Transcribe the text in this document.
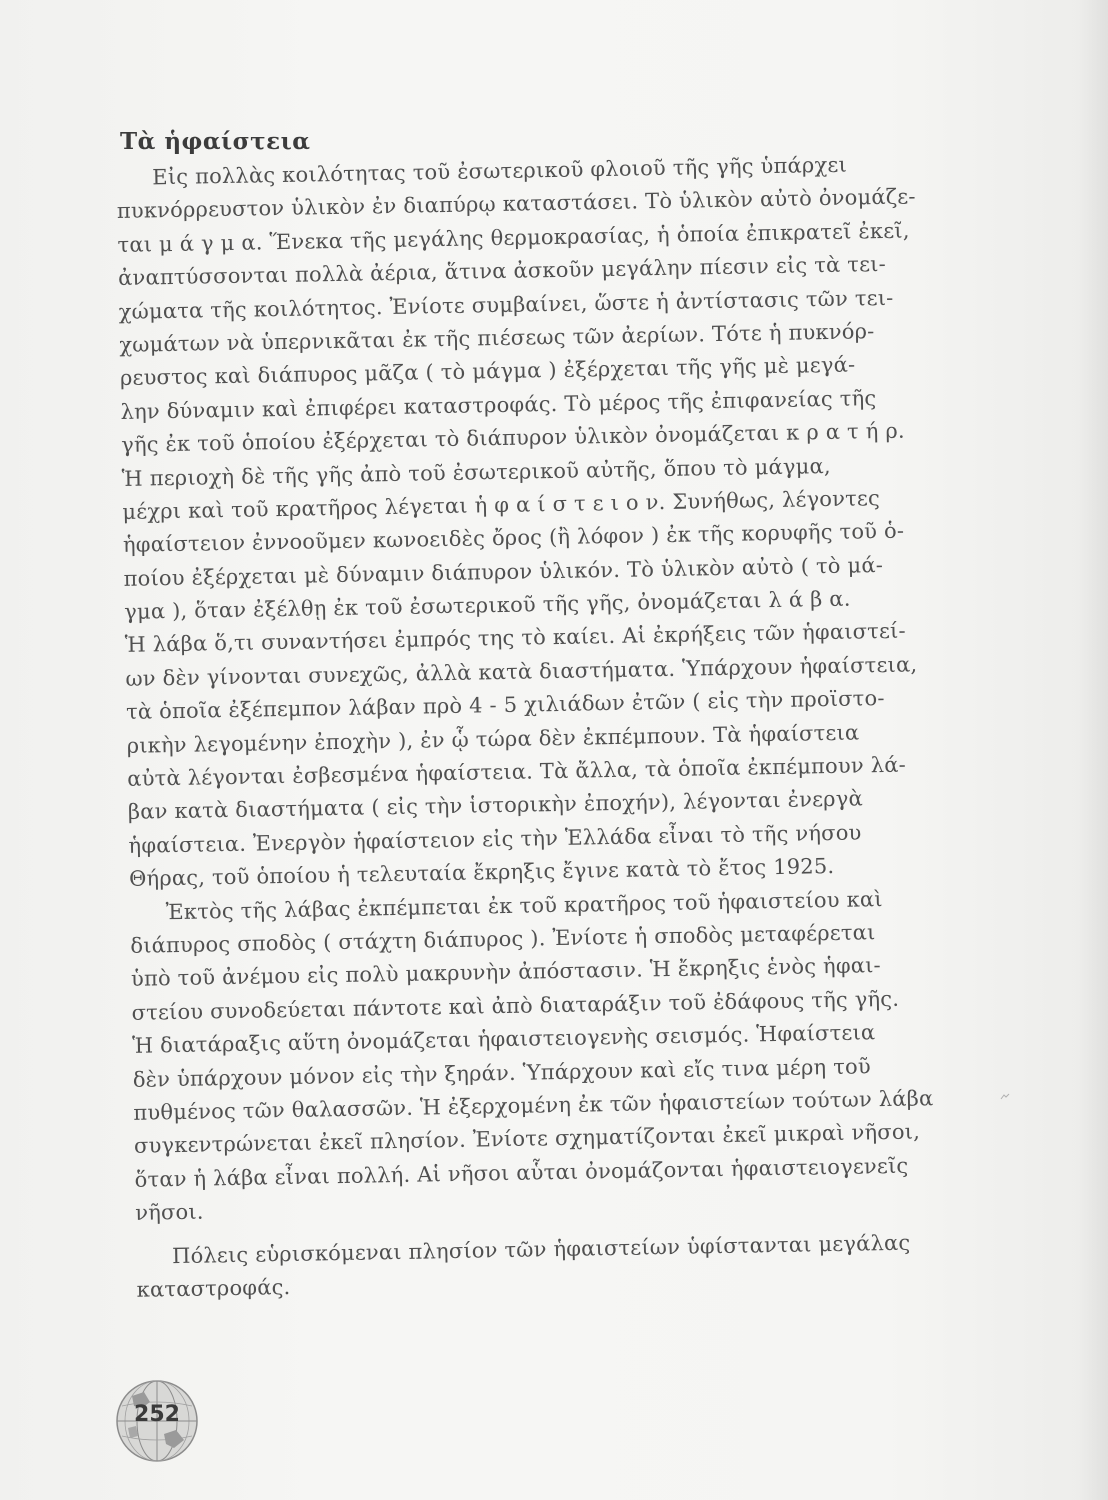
Τὰ ἡφαίστεια
Εἰς πολλὰς κοιλότητας τοῦ ἐσωτερικοῦ φλοιοῦ τῆς γῆς ὑπάρχει
πυκνόρρευστον ὑλικὸν ἐν διαπύρῳ καταστάσει. Τὸ ὑλικὸν αὐτὸ ὀνομάζε-
ται μ ά γ μ α. Ἕνεκα τῆς μεγάλης θερμοκρασίας, ἡ ὁποία ἐπικρατεῖ ἐκεῖ,
ἀναπτύσσονται πολλὰ ἀέρια, ἅτινα ἀσκοῦν μεγάλην πίεσιν εἰς τὰ τει-
χώματα τῆς κοιλότητος. Ἐνίοτε συμβαίνει, ὥστε ἡ ἀντίστασις τῶν τει-
χωμάτων νὰ ὑπερνικᾶται ἐκ τῆς πιέσεως τῶν ἀερίων. Τότε ἡ πυκνόρ-
ρευστος καὶ διάπυρος μᾶζα ( τὸ μάγμα ) ἐξέρχεται τῆς γῆς μὲ μεγά-
λην δύναμιν καὶ ἐπιφέρει καταστροφάς. Τὸ μέρος τῆς ἐπιφανείας τῆς
γῆς ἐκ τοῦ ὁποίου ἐξέρχεται τὸ διάπυρον ὑλικὸν ὀνομάζεται κ ρ α τ ή ρ.
Ἡ περιοχὴ δὲ τῆς γῆς ἀπὸ τοῦ ἐσωτερικοῦ αὐτῆς, ὅπου τὸ μάγμα,
μέχρι καὶ τοῦ κρατῆρος λέγεται ἡ φ α ί σ τ ε ι ο ν. Συνήθως, λέγοντες
ἡφαίστειον ἐννοοῦμεν κωνοειδὲς ὄρος (ἢ λόφον ) ἐκ τῆς κορυφῆς τοῦ ὁ-
ποίου ἐξέρχεται μὲ δύναμιν διάπυρον ὑλικόν. Τὸ ὑλικὸν αὐτὸ ( τὸ μά-
γμα ), ὅταν ἐξέλθῃ ἐκ τοῦ ἐσωτερικοῦ τῆς γῆς, ὀνομάζεται λ ά β α.
Ἡ λάβα ὅ,τι συναντήσει ἐμπρός της τὸ καίει. Αἱ ἐκρήξεις τῶν ἡφαιστεί-
ων δὲν γίνονται συνεχῶς, ἀλλὰ κατὰ διαστήματα. Ὑπάρχουν ἡφαίστεια,
τὰ ὁποῖα ἐξέπεμπον λάβαν πρὸ 4 - 5 χιλιάδων ἐτῶν ( εἰς τὴν προϊστο-
ρικὴν λεγομένην ἐποχὴν ), ἐν ᾧ τώρα δὲν ἐκπέμπουν. Τὰ ἡφαίστεια
αὐτὰ λέγονται ἐσβεσμένα ἡφαίστεια. Τὰ ἄλλα, τὰ ὁποῖα ἐκπέμπουν λά-
βαν κατὰ διαστήματα ( εἰς τὴν ἱστορικὴν ἐποχήν), λέγονται ἐνεργὰ
ἡφαίστεια. Ἐνεργὸν ἡφαίστειον εἰς τὴν Ἑλλάδα εἶναι τὸ τῆς νήσου
Θήρας, τοῦ ὁποίου ἡ τελευταία ἔκρηξις ἔγινε κατὰ τὸ ἔτος 1925.
Ἐκτὸς τῆς λάβας ἐκπέμπεται ἐκ τοῦ κρατῆρος τοῦ ἡφαιστείου καὶ
διάπυρος σποδὸς ( στάχτη διάπυρος ). Ἐνίοτε ἡ σποδὸς μεταφέρεται
ὑπὸ τοῦ ἀνέμου εἰς πολὺ μακρυνὴν ἀπόστασιν. Ἡ ἔκρηξις ἑνὸς ἡφαι-
στείου συνοδεύεται πάντοτε καὶ ἀπὸ διαταράξιν τοῦ ἐδάφους τῆς γῆς.
Ἡ διατάραξις αὕτη ὀνομάζεται ἡφαιστειογενὴς σεισμός. Ἡφαίστεια
δὲν ὑπάρχουν μόνον εἰς τὴν ξηράν. Ὑπάρχουν καὶ εἴς τινα μέρη τοῦ
πυθμένος τῶν θαλασσῶν. Ἡ ἐξερχομένη ἐκ τῶν ἡφαιστείων τούτων λάβα
συγκεντρώνεται ἐκεῖ πλησίον. Ἐνίοτε σχηματίζονται ἐκεῖ μικραὶ νῆσοι,
ὅταν ἡ λάβα εἶναι πολλή. Αἱ νῆσοι αὗται ὀνομάζονται ἡφαιστειογενεῖς
νῆσοι.
Πόλεις εὑρισκόμεναι πλησίον τῶν ἡφαιστείων ὑφίστανται μεγάλας
καταστροφάς.
252
